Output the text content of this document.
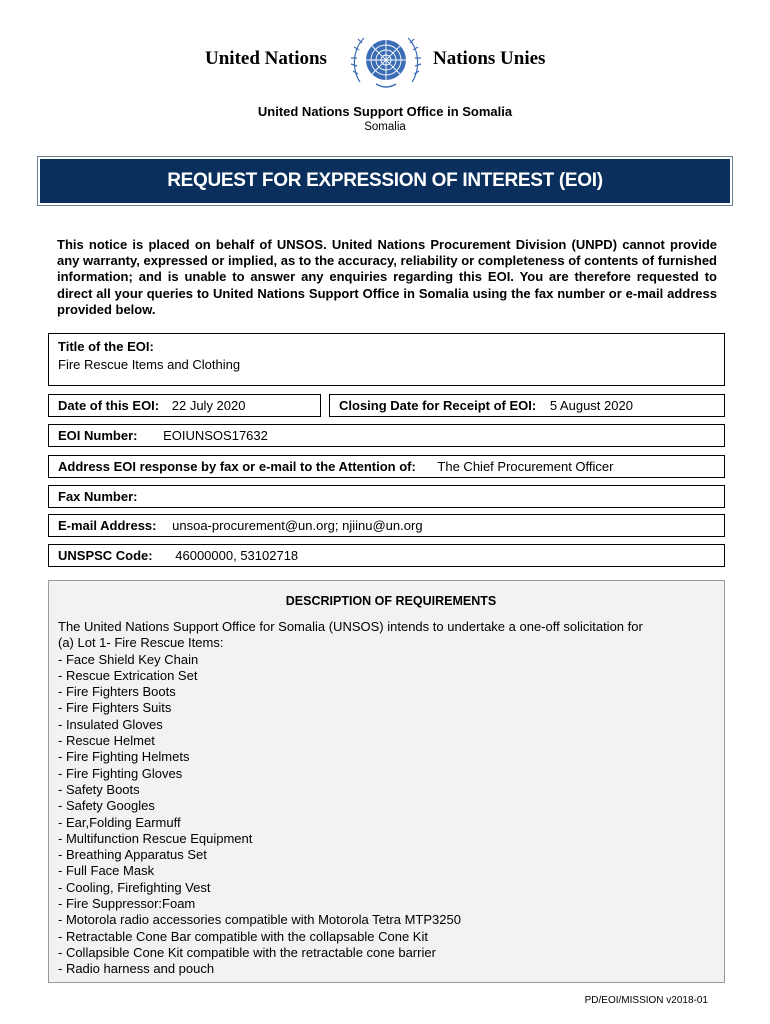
United Nations	Nations Unies
United Nations Support Office in Somalia
Somalia
REQUEST FOR EXPRESSION OF INTEREST (EOI)
This notice is placed on behalf of UNSOS. United Nations Procurement Division (UNPD) cannot provide any warranty, expressed or implied, as to the accuracy, reliability or completeness of contents of furnished information; and is unable to answer any enquiries regarding this EOI. You are therefore requested to direct all your queries to United Nations Support Office in Somalia using the fax number or e-mail address provided below.
Title of the EOI:
Fire Rescue Items and Clothing
Date of this EOI: 22 July 2020	Closing Date for Receipt of EOI: 5 August 2020
EOI Number: EOIUNSOS17632
Address EOI response by fax or e-mail to the Attention of: The Chief Procurement Officer
Fax Number:
E-mail Address: unsoa-procurement@un.org; njiinu@un.org
UNSPSC Code: 46000000, 53102718
DESCRIPTION OF REQUIREMENTS

The United Nations Support Office for Somalia (UNSOS) intends to undertake a one-off solicitation for

(a) Lot 1- Fire Rescue Items:

- Face Shield Key Chain
- Rescue Extrication Set
- Fire Fighters Boots
- Fire Fighters Suits
- Insulated Gloves
- Rescue Helmet
- Fire Fighting Helmets
- Fire Fighting Gloves
- Safety Boots
- Safety Googles
- Ear,Folding Earmuff
- Multifunction Rescue Equipment
- Breathing Apparatus Set
- Full Face Mask
- Cooling, Firefighting Vest
- Fire Suppressor:Foam
- Motorola radio accessories compatible with Motorola Tetra MTP3250
- Retractable Cone Bar compatible with the collapsable Cone Kit
- Collapsible Cone Kit compatible with the retractable cone barrier
- Radio harness and pouch
PD/EOI/MISSION v2018-01
